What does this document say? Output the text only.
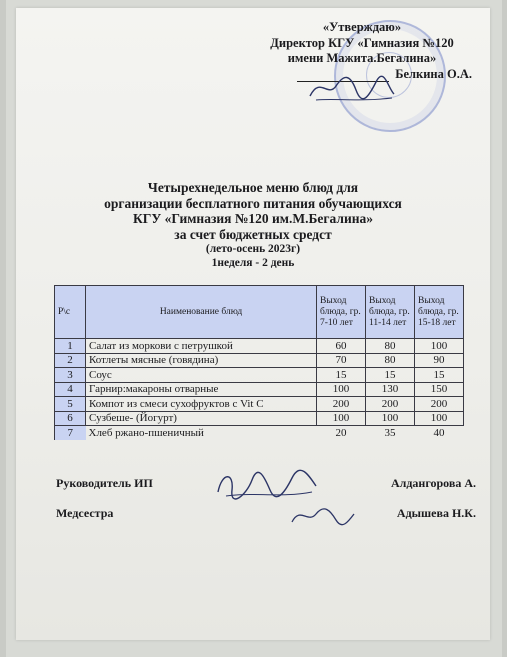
«Утверждаю»
Директор КГУ «Гимназия №120
имени Мажита.Бегалина»
Белкина О.А.
Четырехнедельное меню блюд для
организации бесплатного питания обучающихся
КГУ «Гимназия №120 им.М.Бегалина»
за счет бюджетных средст
(лето-осень 2023г)
1неделя - 2 день
Р\с	Наименование блюд	Выход блюда, гр. 7-10 лет	Выход блюда, гр. 11-14 лет	Выход блюда, гр. 15-18 лет
1	Салат из моркови с петрушкой	60	80	100
2	Котлеты мясные (говядина)	70	80	90
3	Соус	15	15	15
4	Гарнир:макароны отварные	100	130	150
5	Компот из смеси сухофруктов с Vit C	200	200	200
6	Сузбеше- (Йогурт)	100	100	100
7	Хлеб ржано-пшеничный	20	35	40
Руководитель ИП	Алдангорова А.
Медсестра	Адышева Н.К.
